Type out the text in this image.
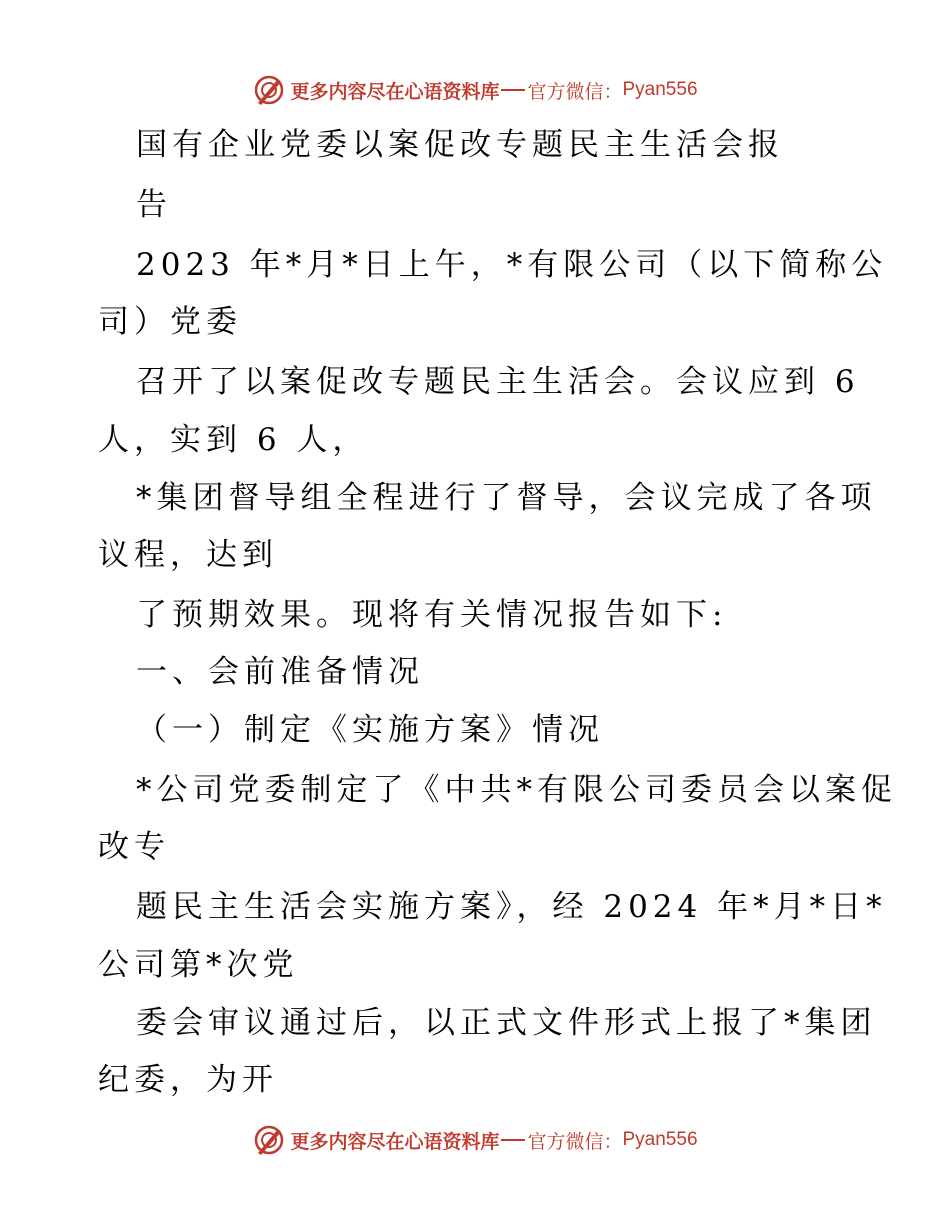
更多内容尽在心语资料库 官方微信： Pyan556
国有企业党委以案促改专题民主生活会报
告
2023 年*月*日上午，*有限公司（以下简称公
司）党委
召开了以案促改专题民主生活会。会议应到 6
人，实到 6 人，
*集团督导组全程进行了督导，会议完成了各项
议程，达到
了预期效果。现将有关情况报告如下:
一、会前准备情况
（一）制定《实施方案》情况
*公司党委制定了《中共*有限公司委员会以案促
改专
题民主生活会实施方案》，经 2024 年*月*日*
公司第*次党
委会审议通过后，以正式文件形式上报了*集团
纪委，为开
更多内容尽在心语资料库 官方微信： Pyan556
